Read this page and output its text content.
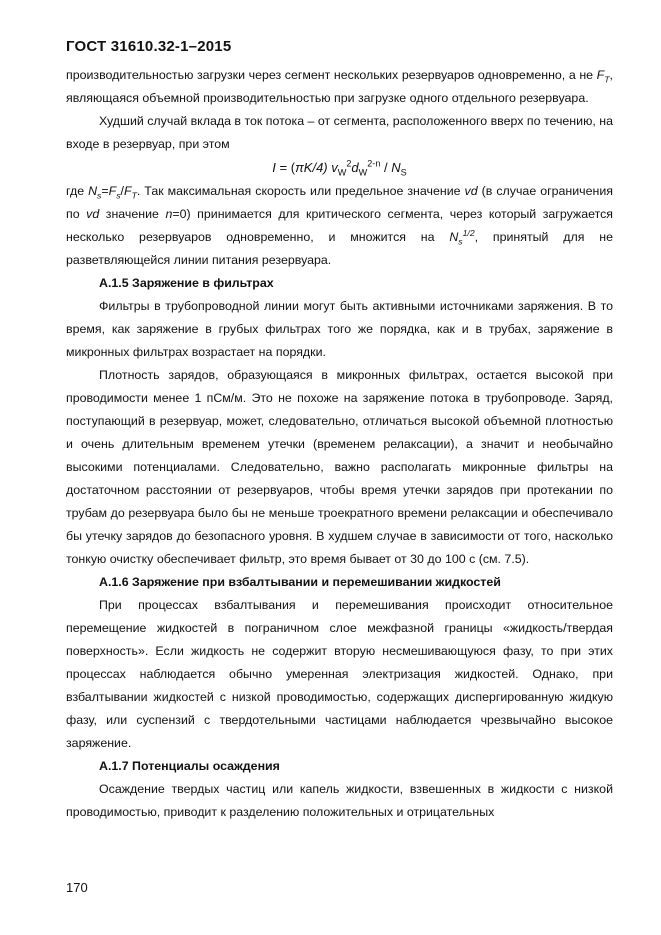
ГОСТ 31610.32-1–2015

производительностью загрузки через сегмент нескольких резервуаров одновременно, а не $F_T$, являющаяся объемной производительностью при загрузке одного отдельного резервуара.

Худший случай вклада в ток потока – от сегмента, расположенного вверх по течению, на входе в резервуар, при этом

I = (πK/4) $v_W^2d_W^{2-n} / N_S$

где $N_s=F_s/F_T$. Так максимальная скорость или предельное значение vd (в случае ограничения по vd значение n=0) принимается для критического сегмента, через который загружается несколько резервуаров одновременно, и множится на $N_s^{1/2}$, принятый для не разветвляющейся линии питания резервуара.

А.1.5 Заряжение в фильтрах

Фильтры в трубопроводной линии могут быть активными источниками заряжения. В то время, как заряжение в грубых фильтрах того же порядка, как и в трубах, заряжение в микронных фильтрах возрастает на порядки.

Плотность зарядов, образующаяся в микронных фильтрах, остается высокой при проводимости менее 1 пСм/м. Это не похоже на заряжение потока в трубопроводе. Заряд, поступающий в резервуар, может, следовательно, отличаться высокой объемной плотностью и очень длительным временем утечки (временем релаксации), а значит и необычайно высокими потенциалами. Следовательно, важно располагать микронные фильтры на достаточном расстоянии от резервуаров, чтобы время утечки зарядов при протекании по трубам до резервуара было бы не меньше троекратного времени релаксации и обеспечивало бы утечку зарядов до безопасного уровня. В худшем случае в зависимости от того, насколько тонкую очистку обеспечивает фильтр, это время бывает от 30 до 100 с (см. 7.5).

А.1.6 Заряжение при взбалтывании и перемешивании жидкостей

При процессах взбалтывания и перемешивания происходит относительное перемещение жидкостей в пограничном слое межфазной границы «жидкость/твердая поверхность». Если жидкость не содержит вторую несмешивающуюся фазу, то при этих процессах наблюдается обычно умеренная электризация жидкостей. Однако, при взбалтывании жидкостей с низкой проводимостью, содержащих диспергированную жидкую фазу, или суспензий с твердотельными частицами наблюдается чрезвычайно высокое заряжение.

А.1.7 Потенциалы осаждения

Осаждение твердых частиц или капель жидкости, взвешенных в жидкости с низкой проводимостью, приводит к разделению положительных и отрицательных

170
